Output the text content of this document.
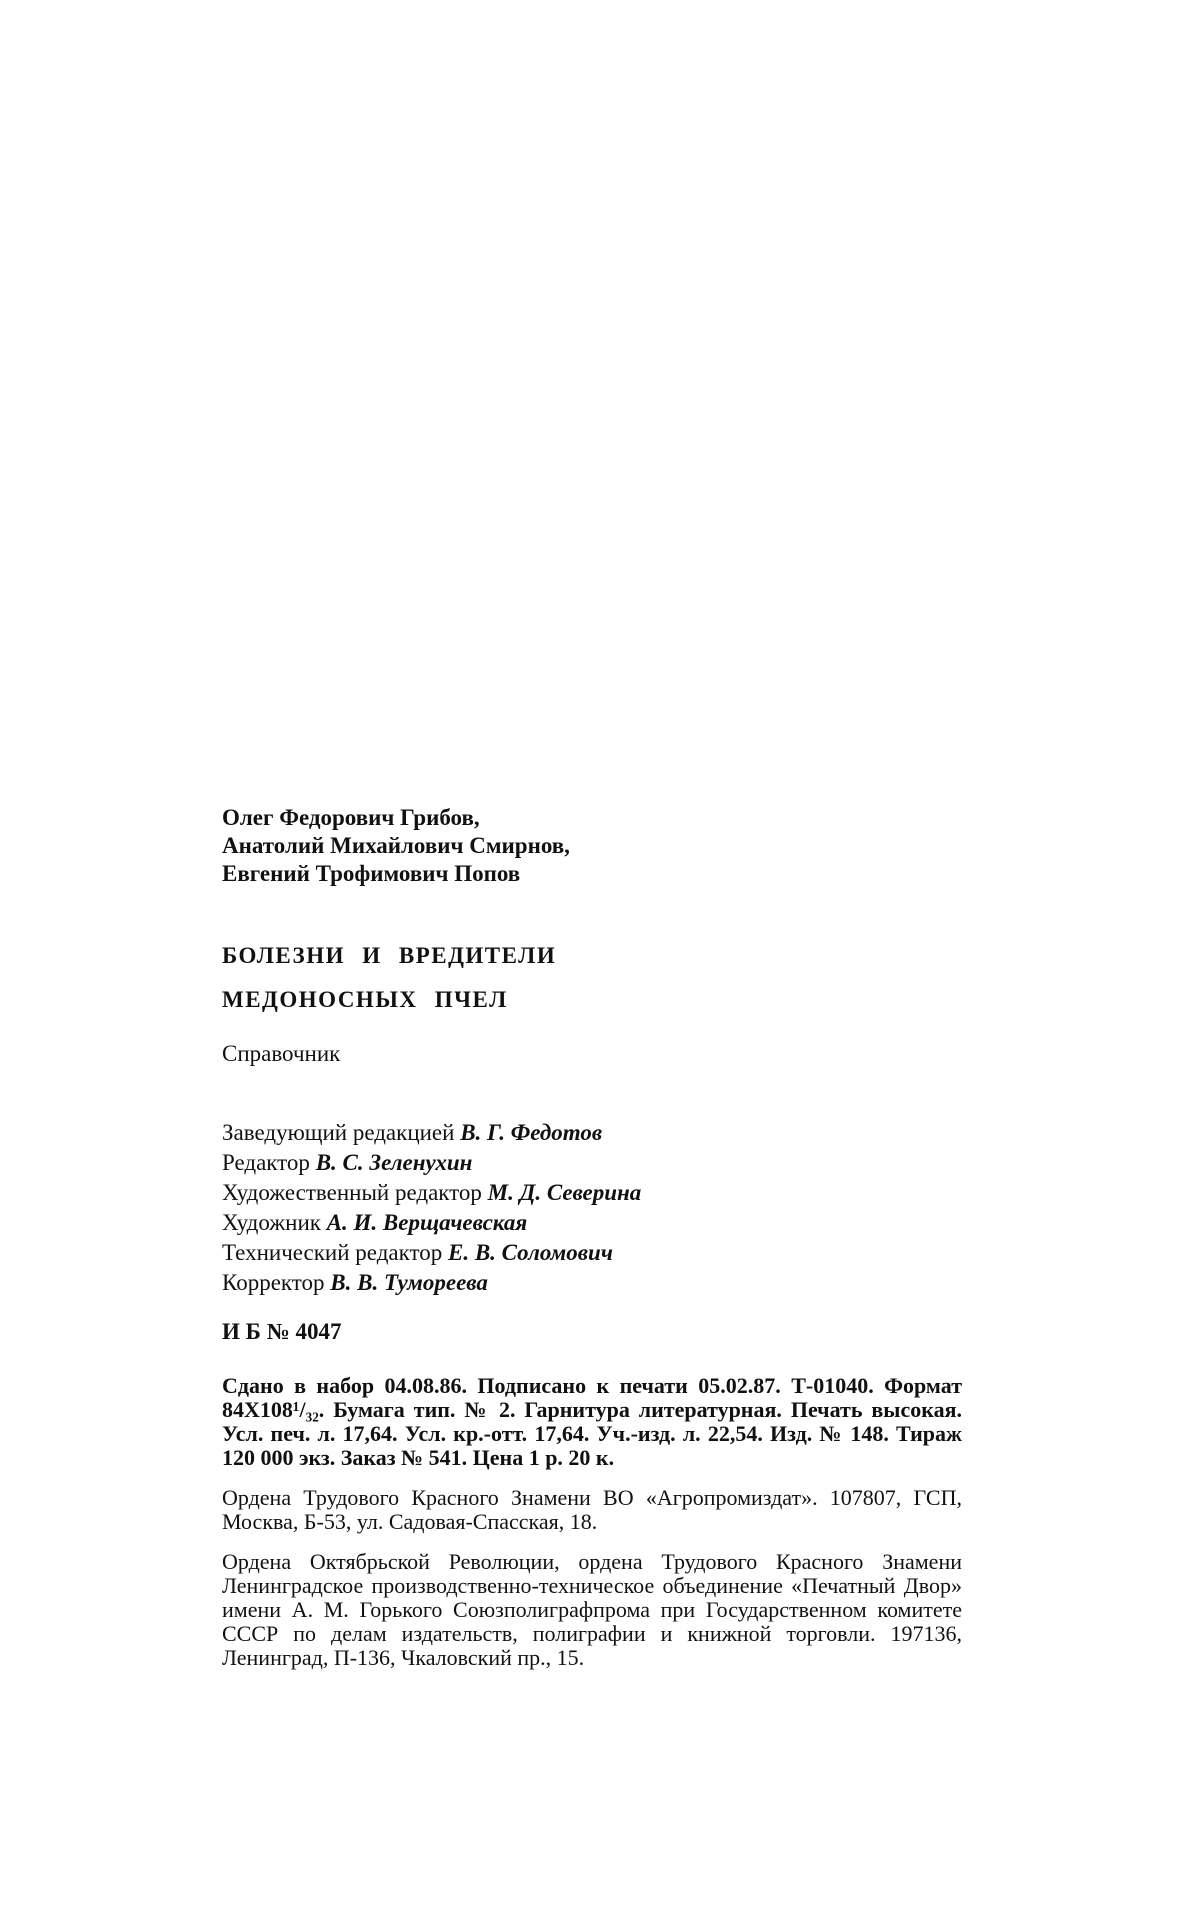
Олег Федорович Грибов,
Анатолий Михайлович Смирнов,
Евгений Трофимович Попов
БОЛЕЗНИ И ВРЕДИТЕЛИ
МЕДОНОСНЫХ ПЧЕЛ
Справочник
Заведующий редакцией В. Г. Федотов
Редактор В. С. Зеленухин
Художественный редактор М. Д. Северина
Художник А. И. Верщачевская
Технический редактор Е. В. Соломович
Корректор В. В. Тумореева
И Б № 4047
Сдано в набор 04.08.86. Подписано к печати 05.02.87. Т-01040. Формат 84X108¹/₃₂. Бумага тип. № 2. Гарнитура литературная. Печать высокая. Усл. печ. л. 17,64. Усл. кр.-отт. 17,64. Уч.-изд. л. 22,54. Изд. № 148. Тираж 120 000 экз. Заказ № 541. Цена 1 р. 20 к.
Ордена Трудового Красного Знамени ВО «Агропромиздат». 107807, ГСП, Москва, Б-53, ул. Садовая-Спасская, 18.
Ордена Октябрьской Революции, ордена Трудового Красного Знамени Ленинградское производственно-техническое объединение «Печатный Двор» имени А. М. Горького Союзполиграфпрома при Государственном комитете СССР по делам издательств, полиграфии и книжной торговли. 197136, Ленинград, П-136, Чкаловский пр., 15.
